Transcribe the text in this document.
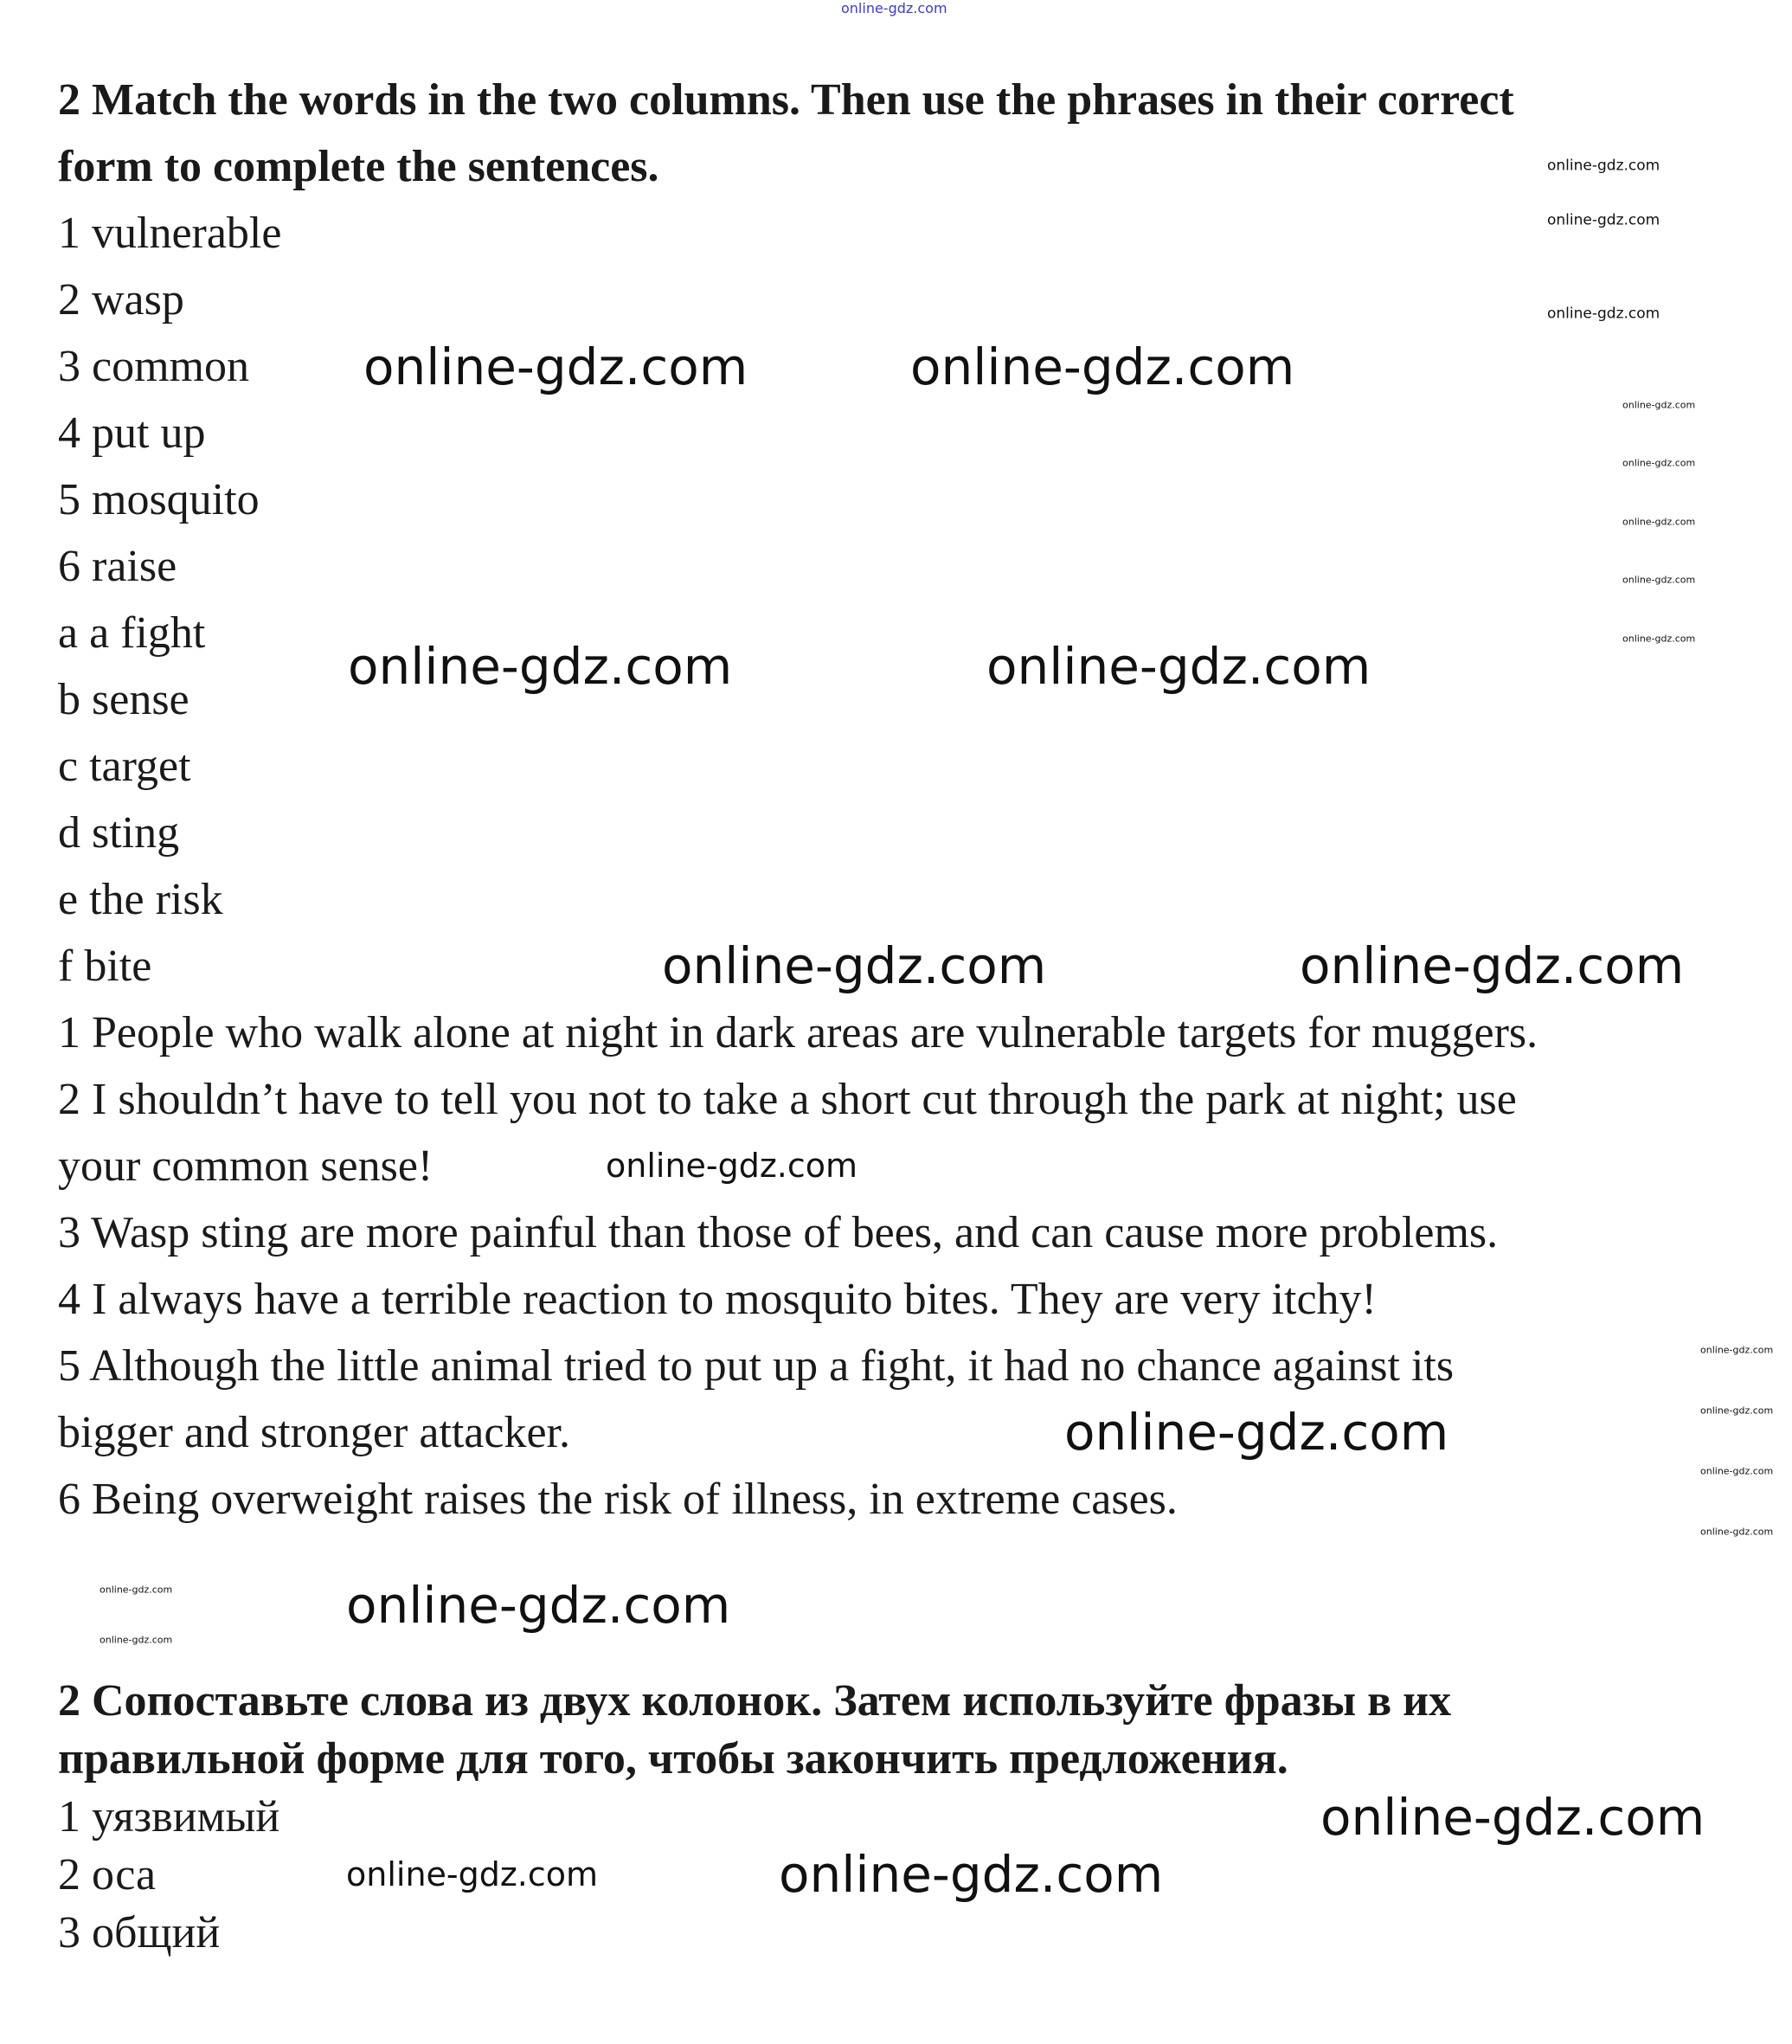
2 Match the words in the two columns. Then use the phrases in their correct
form to complete the sentences.
1 vulnerable
2 wasp
3 common
4 put up
5 mosquito
6 raise
a a fight
b sense
c target
d sting
e the risk
f bite
1 People who walk alone at night in dark areas are vulnerable targets for muggers.
2 I shouldn’t have to tell you not to take a short cut through the park at night; use
your common sense!
3 Wasp sting are more painful than those of bees, and can cause more problems.
4 I always have a terrible reaction to mosquito bites. They are very itchy!
5 Although the little animal tried to put up a fight, it had no chance against its
bigger and stronger attacker.
6 Being overweight raises the risk of illness, in extreme cases.
2 Сопоставьте слова из двух колонок. Затем используйте фразы в их
правильной форме для того, чтобы закончить предложения.
1 уязвимый
2 оса
3 общий
online-gdz.com
online-gdz.com	online-gdz.com
online-gdz.com	online-gdz.com
online-gdz.com	online-gdz.com
online-gdz.com
online-gdz.com
online-gdz.com
online-gdz.com
online-gdz.com
online-gdz.com
online-gdz.com
online-gdz.com
online-gdz.com
online-gdz.com
online-gdz.com
online-gdz.com
online-gdz.com
online-gdz.com
online-gdz.com
online-gdz.com
online-gdz.com
online-gdz.com
online-gdz.com
online-gdz.com
